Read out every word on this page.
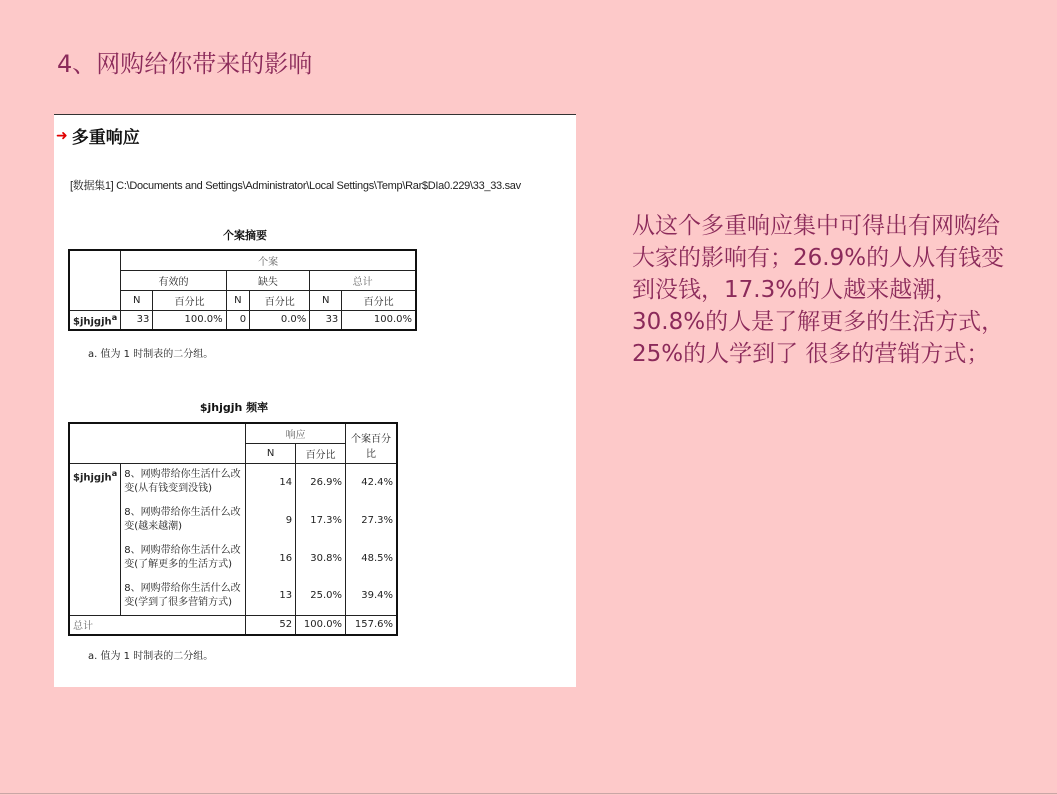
4、网购给你带来的影响
➜ 多重响应
[数据集1] C:\Documents and Settings\Administrator\Local Settings\Temp\Rar$DIa0.229\33_33.sav
个案摘要
	个案					
	有效的		缺失		总计	
	N	百分比	N	百分比	N	百分比
$jhjgjh$^a$	33	100.0%	0	0.0%	33	100.0%
a. 值为 1 时制表的二分组。
$jhjgjh 频率
		响应		个案百分比
		N	百分比	
$jhjgjh$^a$	8、网购带给你生活什么改变(从有钱变到没钱)	14	26.9%	42.4%
	8、网购带给你生活什么改变(越来越潮)	9	17.3%	27.3%
	8、网购带给你生活什么改变(了解更多的生活方式)	16	30.8%	48.5%
	8、网购带给你生活什么改变(学到了很多营销方式)	13	25.0%	39.4%
总计		52	100.0%	157.6%
a. 值为 1 时制表的二分组。
从这个多重响应集中可得出有网购给大家的影响有；26.9%的人从有钱变到没钱，17.3%的人越来越潮，30.8%的人是了解更多的生活方式，25%的人学到了 很多的营销方式；
